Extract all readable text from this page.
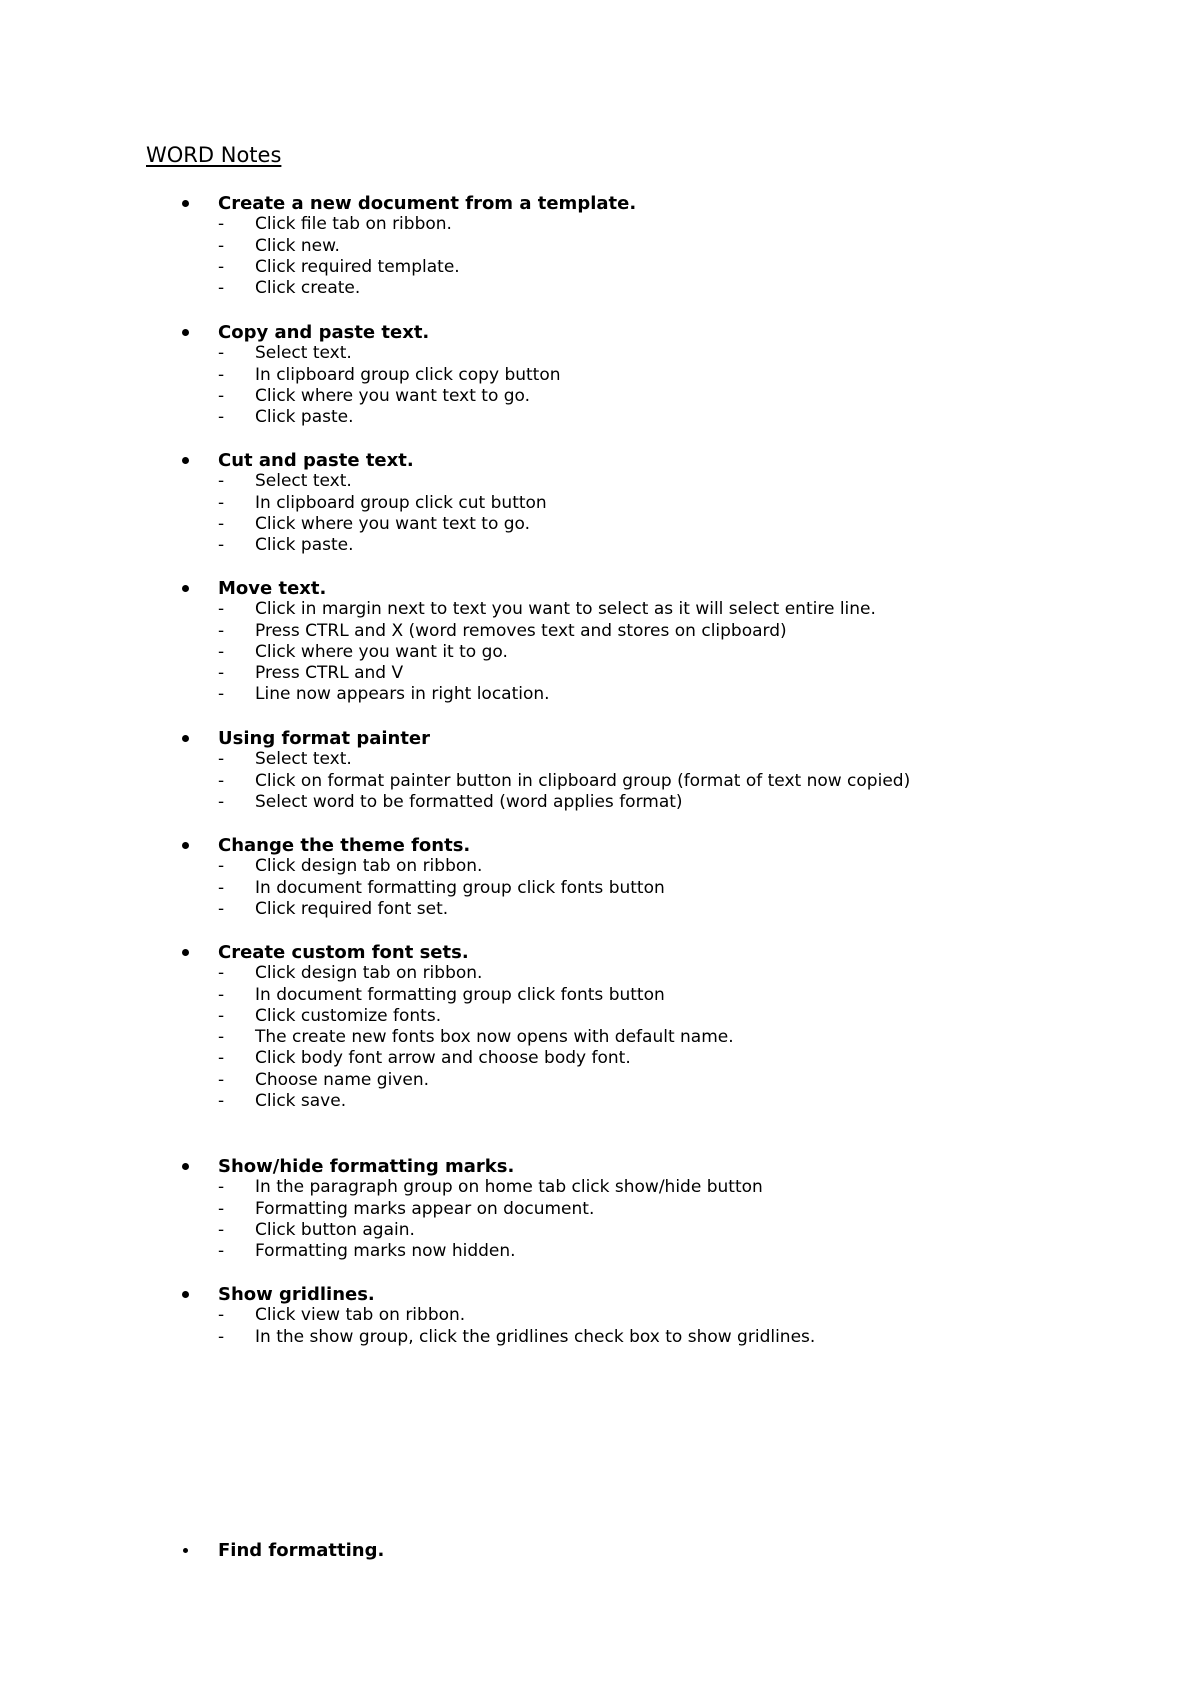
WORD Notes
Create a new document from a template.
- Click file tab on ribbon.
- Click new.
- Click required template.
- Click create.
Copy and paste text.
- Select text.
- In clipboard group click copy button
- Click where you want text to go.
- Click paste.
Cut and paste text.
- Select text.
- In clipboard group click cut button
- Click where you want text to go.
- Click paste.
Move text.
- Click in margin next to text you want to select as it will select entire line.
- Press CTRL and X (word removes text and stores on clipboard)
- Click where you want it to go.
- Press CTRL and V
- Line now appears in right location.
Using format painter
- Select text.
- Click on format painter button in clipboard group (format of text now copied)
- Select word to be formatted (word applies format)
Change the theme fonts.
- Click design tab on ribbon.
- In document formatting group click fonts button
- Click required font set.
Create custom font sets.
- Click design tab on ribbon.
- In document formatting group click fonts button
- Click customize fonts.
- The create new fonts box now opens with default name.
- Click body font arrow and choose body font.
- Choose name given.
- Click save.
Show/hide formatting marks.
- In the paragraph group on home tab click show/hide button
- Formatting marks appear on document.
- Click button again.
- Formatting marks now hidden.
Show gridlines.
- Click view tab on ribbon.
- In the show group, click the gridlines check box to show gridlines.
Find formatting.
